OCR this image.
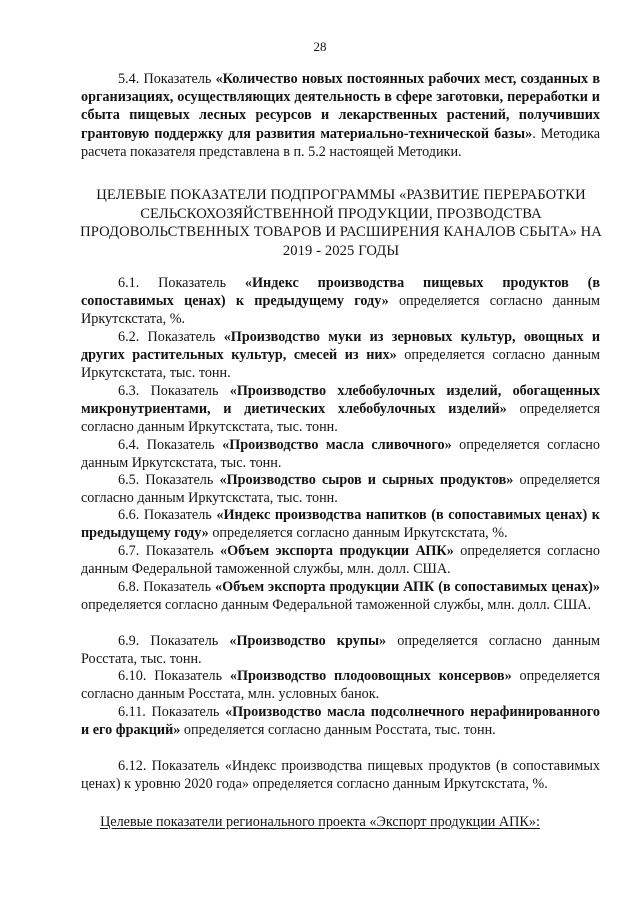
28

5.4. Показатель «Количество новых постоянных рабочих мест, созданных в организациях, осуществляющих деятельность в сфере заготовки, переработки и сбыта пищевых лесных ресурсов и лекарственных растений, получивших грантовую поддержку для развития материально-технической базы». Методика расчета показателя представлена в п. 5.2 настоящей Методики.

ЦЕЛЕВЫЕ ПОКАЗАТЕЛИ ПОДПРОГРАММЫ «РАЗВИТИЕ ПЕРЕРАБОТКИ СЕЛЬСКОХОЗЯЙСТВЕННОЙ ПРОДУКЦИИ, ПРОЗВОДСТВА ПРОДОВОЛЬСТВЕННЫХ ТОВАРОВ И РАСШИРЕНИЯ КАНАЛОВ СБЫТА» НА 2019 - 2025 ГОДЫ

6.1. Показатель «Индекс производства пищевых продуктов (в сопоставимых ценах) к предыдущему году» определяется согласно данным Иркутскстата, %.

6.2. Показатель «Производство муки из зерновых культур, овощных и других растительных культур, смесей из них» определяется согласно данным Иркутскстата, тыс. тонн.

6.3. Показатель «Производство хлебобулочных изделий, обогащенных микронутриентами, и диетических хлебобулочных изделий» определяется согласно данным Иркутскстата, тыс. тонн.

6.4. Показатель «Производство масла сливочного» определяется согласно данным Иркутскстата, тыс. тонн.

6.5. Показатель «Производство сыров и сырных продуктов» определяется согласно данным Иркутскстата, тыс. тонн.

6.6. Показатель «Индекс производства напитков (в сопоставимых ценах) к предыдущему году» определяется согласно данным Иркутскстата, %.

6.7. Показатель «Объем экспорта продукции АПК» определяется согласно данным Федеральной таможенной службы, млн. долл. США.

6.8. Показатель «Объем экспорта продукции АПК (в сопоставимых ценах)» определяется согласно данным Федеральной таможенной службы, млн. долл. США.

6.9. Показатель «Производство крупы» определяется согласно данным Росстата, тыс. тонн.

6.10. Показатель «Производство плодоовощных консервов» определяется согласно данным Росстата, млн. условных банок.

6.11. Показатель «Производство масла подсолнечного нерафинированного и его фракций» определяется согласно данным Росстата, тыс. тонн.

6.12. Показатель «Индекс производства пищевых продуктов (в сопоставимых ценах) к уровню 2020 года» определяется согласно данным Иркутскстата, %.

Целевые показатели регионального проекта «Экспорт продукции АПК»:
